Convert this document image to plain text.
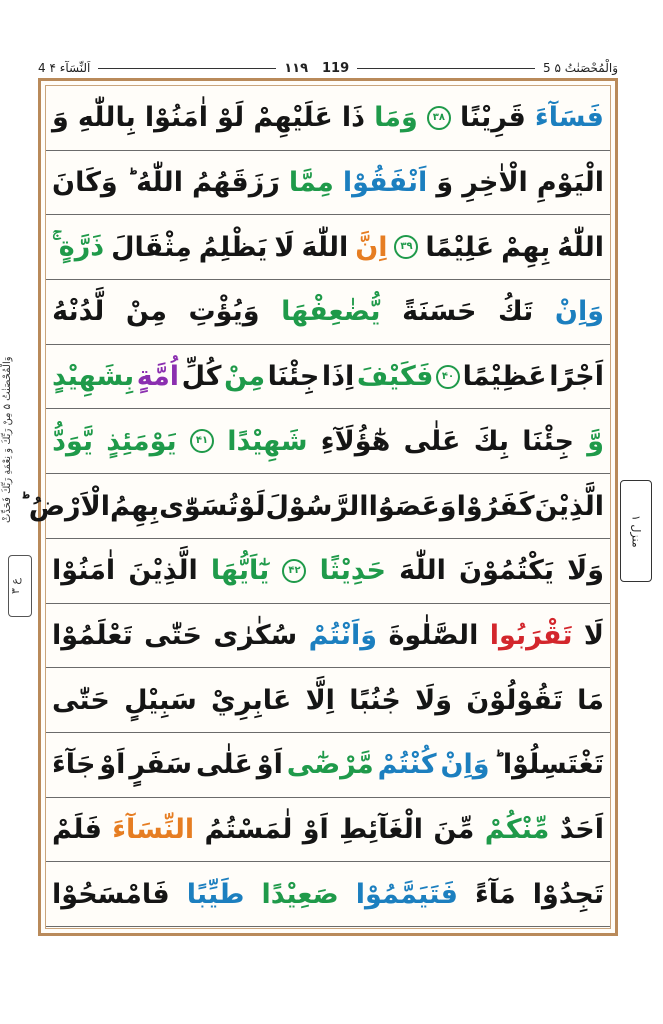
4 اَلنِّسَآء ۴	۱۱۹ 119	5 وَالْمُحْصَنٰتُ ۵
فَسَآءَ
قَرِيْنًا
۳۸
وَمَا
ذَا
عَلَيْهِمْ
لَوْ
اٰمَنُوْا
بِاللّٰهِ
وَ
الْيَوْمِ
الْاٰخِرِ
وَ
اَنْفَقُوْا
مِمَّا
رَزَقَهُمُ
اللّٰهُ ؕ
وَكَانَ
اللّٰهُ
بِهِمْ
عَلِيْمًا
۳۹
اِنَّ
اللّٰهَ
لَا
يَظْلِمُ
مِثْقَالَ
ذَرَّةٍ ۚ
وَاِنْ
تَكُ
حَسَنَةً
يُّضٰعِفْهَا
وَيُؤْتِ
مِنْ
لَّدُنْهُ
اَجْرًا
عَظِيْمًا
۴۰
فَكَيْفَ
اِذَا
جِئْنَا
مِنْ
كُلِّ
اُمَّةٍ
بِشَهِيْدٍ
وَّ
جِئْنَا
بِكَ
عَلٰى
هٰٓؤُلَآءِ
شَهِيْدًا
۴۱
يَوْمَئِذٍ
يَّوَدُّ
الَّذِيْنَ
كَفَرُوْا
وَعَصَوُا
الرَّسُوْلَ
لَوْ
تُسَوّٰى
بِهِمُ
الْاَرْضُ ؕ
وَلَا
يَكْتُمُوْنَ
اللّٰهَ
حَدِيْثًا
۴۲
يٰٓاَيُّهَا
الَّذِيْنَ
اٰمَنُوْا
لَا
تَقْرَبُوا
الصَّلٰوةَ
وَاَنْتُمْ
سُكٰرٰى
حَتّٰى
تَعْلَمُوْا
مَا
تَقُوْلُوْنَ
وَلَا
جُنُبًا
اِلَّا
عَابِرِيْ
سَبِيْلٍ
حَتّٰى
تَغْتَسِلُوْا ؕ
وَاِنْ
كُنْتُمْ
مَّرْضٰٓى
اَوْ
عَلٰى
سَفَرٍ
اَوْ
جَآءَ
اَحَدٌ
مِّنْكُمْ
مِّنَ
الْغَآئِطِ
اَوْ
لٰمَسْتُمُ
النِّسَآءَ
فَلَمْ
تَجِدُوْا
مَآءً
فَتَيَمَّمُوْا
صَعِيْدًا
طَيِّبًا
فَامْسَحُوْا
وَالْمُحْصَنٰتُ ۵ مِنْ رَبِّكَ وَ نِعْمَةِ رَبِّكَ فَحَدِّثْ
ع ۳
منزل ۱
